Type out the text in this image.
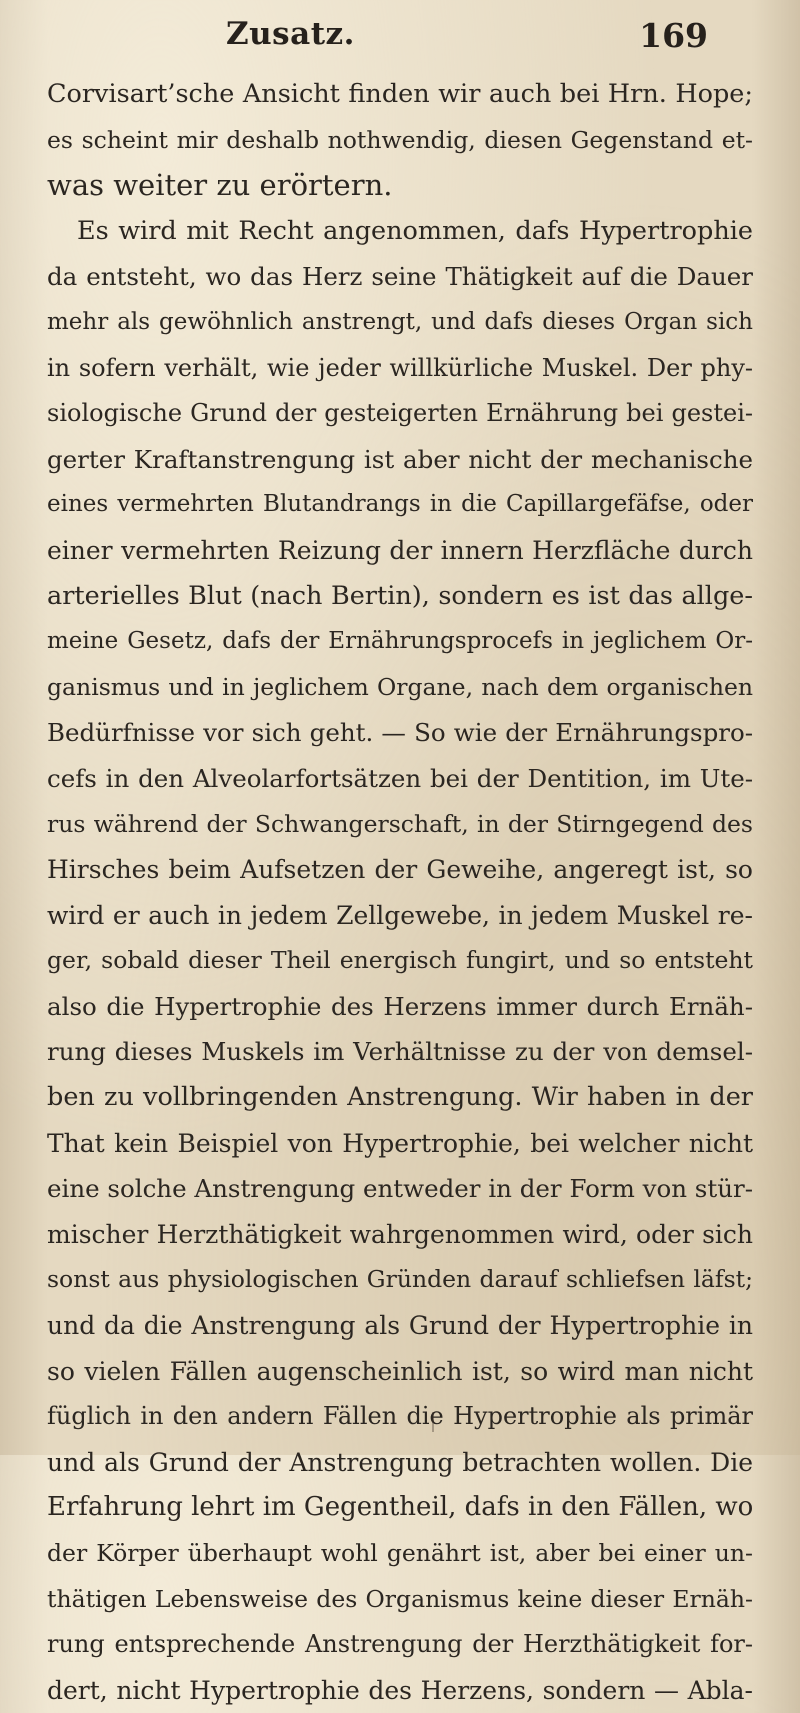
Zusatz.	169
Corvisart’sche Ansicht finden wir auch bei Hrn. Hope;
es scheint mir deshalb nothwendig, diesen Gegenstand et-
was weiter zu erörtern.
Es wird mit Recht angenommen, dafs Hypertrophie
da entsteht, wo das Herz seine Thätigkeit auf die Dauer
mehr als gewöhnlich anstrengt, und dafs dieses Organ sich
in sofern verhält, wie jeder willkürliche Muskel. Der phy-
siologische Grund der gesteigerten Ernährung bei gestei-
gerter Kraftanstrengung ist aber nicht der mechanische
eines vermehrten Blutandrangs in die Capillargefäfse, oder
einer vermehrten Reizung der innern Herzfläche durch
arterielles Blut (nach Bertin), sondern es ist das allge-
meine Gesetz, dafs der Ernährungsprocefs in jeglichem Or-
ganismus und in jeglichem Organe, nach dem organischen
Bedürfnisse vor sich geht. — So wie der Ernährungspro-
cefs in den Alveolarfortsätzen bei der Dentition, im Ute-
rus während der Schwangerschaft, in der Stirngegend des
Hirsches beim Aufsetzen der Geweihe, angeregt ist, so
wird er auch in jedem Zellgewebe, in jedem Muskel re-
ger, sobald dieser Theil energisch fungirt, und so entsteht
also die Hypertrophie des Herzens immer durch Ernäh-
rung dieses Muskels im Verhältnisse zu der von demsel-
ben zu vollbringenden Anstrengung. Wir haben in der
That kein Beispiel von Hypertrophie, bei welcher nicht
eine solche Anstrengung entweder in der Form von stür-
mischer Herzthätigkeit wahrgenommen wird, oder sich
sonst aus physiologischen Gründen darauf schliefsen läfst;
und da die Anstrengung als Grund der Hypertrophie in
so vielen Fällen augenscheinlich ist, so wird man nicht
füglich in den andern Fällen die Hypertrophie als primär
und als Grund der Anstrengung betrachten wollen. Die
Erfahrung lehrt im Gegentheil, dafs in den Fällen, wo
der Körper überhaupt wohl genährt ist, aber bei einer un-
thätigen Lebensweise des Organismus keine dieser Ernäh-
rung entsprechende Anstrengung der Herzthätigkeit for-
dert, nicht Hypertrophie des Herzens, sondern — Abla-
